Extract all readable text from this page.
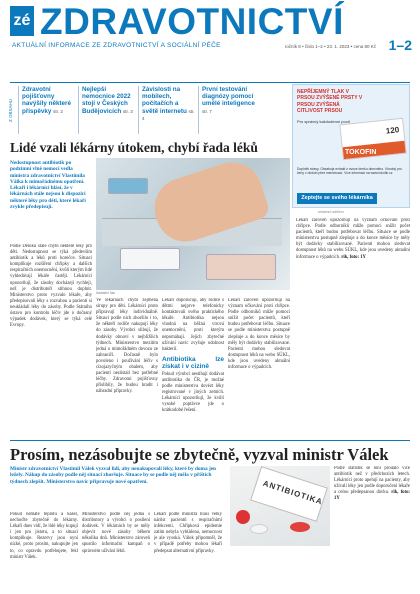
zé ZDRAVOTNICTVÍ
AKTUÁLNÍ INFORMACE ZE ZDRAVOTNICTVÍ A SOCIÁLNÍ PÉČE	ročník 8 • číslo 1–2 • 23. 1. 2023 • cena 80 Kč 1–2
Z OBSAHU
Zdravotní pojišťovny navýšily některé příspěvky str. 2
Nejlepší nemocnice 2022 stojí v Českých Budějovicích str. 3
Závislosti na mobilech, počítačích a světě internetu str. 4
První testování diagnózy pomocí umělé inteligence str. 7
NEPŘÍJEMNÝ TLAK V PRSOU ZVÝŠENÉ PRSTY V PRSOU ZVÝŠENÁ CITLIVOST PRSOU
Pro správný každodenní pocit
120
TOKOFIN
Doplněk stravy. Obsahuje extrakt z ovoce drmku obecného. Vhodný pro ženy v období před menstruací. Více informací na www.tokofin.cz
Zeptejte se svého lékárníka
reklamní sdělení
Lidé vzali lékárny útokem, chybí řada léků
Nedostupnost antibiotik po podzimní vlně nemocí vedla ministra zdravotnictví Vlastimila Válka k mimořádnému opatření. Lékaři i lékárníci hlásí, že v lékárnách stále nejsou k dispozici některé léky pro děti, které lékaři zvykle předepisují.
Ilustrační foto
Podle Deníku stále chybí některé léky pro děti. Nedostupnost se týká především antibiotik a léků proti horečce. Situaci komplikuje rozšíření chřipky a dalších respiračních onemocnění, kvůli kterým lidé vyhledávají lékaře častěji. Lékárníci upozorňují, že zásoby docházejí rychleji, než je distributoři stihnou doplnit. Ministerstvo proto vyzvalo lékaře, aby předepisovali léky s rozvahou a pacienti si neukládali léky do zásoby. Podle Státního ústavu pro kontrolu léčiv jde o dočasný výpadek dodávek, který se týká celé Evropy.
Ve lékárnách chybí zejména sirupy pro děti. Lékárníci proto připravují léky individuálně. Situaci podle nich zhoršilo i to, že někteří rodiče nakupují léky do zásoby. Výrobci slibují, že dodávky obnoví v nejbližších týdnech. Ministerstvo mezitím jedná o mimořádném dovozu ze zahraničí. Dočasně bylo povoleno i používání léčiv s cizojazyčným obalem, aby pacienti nezůstali bez potřebné léčby. Zdravotní pojišťovny přislíbily, že budou hradit i náhradní přípravky.
Lékaři doporučují, aby rodiče s dětmi nejprve telefonicky kontaktovali svého praktického lékaře. Antibiotika nejsou vhodná na běžná virová onemocnění, proti kterým nepomáhají. Jejich zbytečné užívání navíc zvyšuje odolnost bakterií.
Antibiotika lze získat i v cizině
Pokud výrobci nestíhají dodávat antibiotika do ČR, je možné podle ministerstva dovézt léky registrované v jiných zemích. Lékárníci upozorňují, že kvůli vysoké poptávce jde o krátkodobé řešení.
Lékaři zároveň upozorňují na význam očkování proti chřipce. Podle odborníků může pomoci snížit počet pacientů, kteří budou potřebovat léčbu. Situace se podle ministerstva postupně zlepšuje a do konce měsíce by měly být dodávky stabilizované. Pacienti mohou sledovat dostupnost léků na webu SÚKL, kde jsou uvedeny aktuální informace o výpadcích.
Lékaři zároveň upozorňují na význam očkování proti chřipce. Podle odborníků může pomoci snížit počet pacientů, kteří budou potřebovat léčbu. Situace se podle ministerstva postupně zlepšuje a do konce měsíce by měly být dodávky stabilizované. Pacienti mohou sledovat dostupnost léků na webu SÚKL, kde jsou uvedeny aktuální informace o výpadcích. rik, foto: 1Y
Prosím, nezásobujte se zbytečně, vyzval ministr Válek
Ministr zdravotnictví Vlastimil Válek vyzval lidi, aby nenakupovali léky, které by doma jen ležely. Nákup do zásoby podle něj situaci zhoršuje. Situace by se podle něj měla v příštích týdnech zlepšit. Ministerstvo navíc připravuje nové opatření.	ANTIBIOTIKA
Pokud nemáte teplotu a kašel, nechoďte zbytečně do lékárny. Lékaři dnes vidí, že lidé léky kupují i jen pro jistotu, a to situaci komplikuje. Rezervy jsou nyní nízké, proto prosím, nakupujte jen to, co opravdu potřebujete, řekl ministr Válek.
Ministerstvo podle něj jedná s distributory a výrobci o posílení dodávek. V lékárnách by se měly objevit nové zásoby během několika dnů. Ministerstvo zároveň spustilo informační kampaň o správném užívání léků.
Lékaři podle ministra hlásí velký nárůst pacientů s respiračními infekcemi. Chřipková epidemie zatím nebyla vyhlášena, nemocnost je ale vysoká. Válek připomněl, že v případě potřeby mohou lékaři předepsat alternativní přípravky.
Podle statistik se loni prodalo více antibiotik než v předchozích letech. Lékárníci proto apelují na pacienty, aby užívali léky jen podle doporučení lékaře a celou předepsanou dávku. rik, foto: 1Y
